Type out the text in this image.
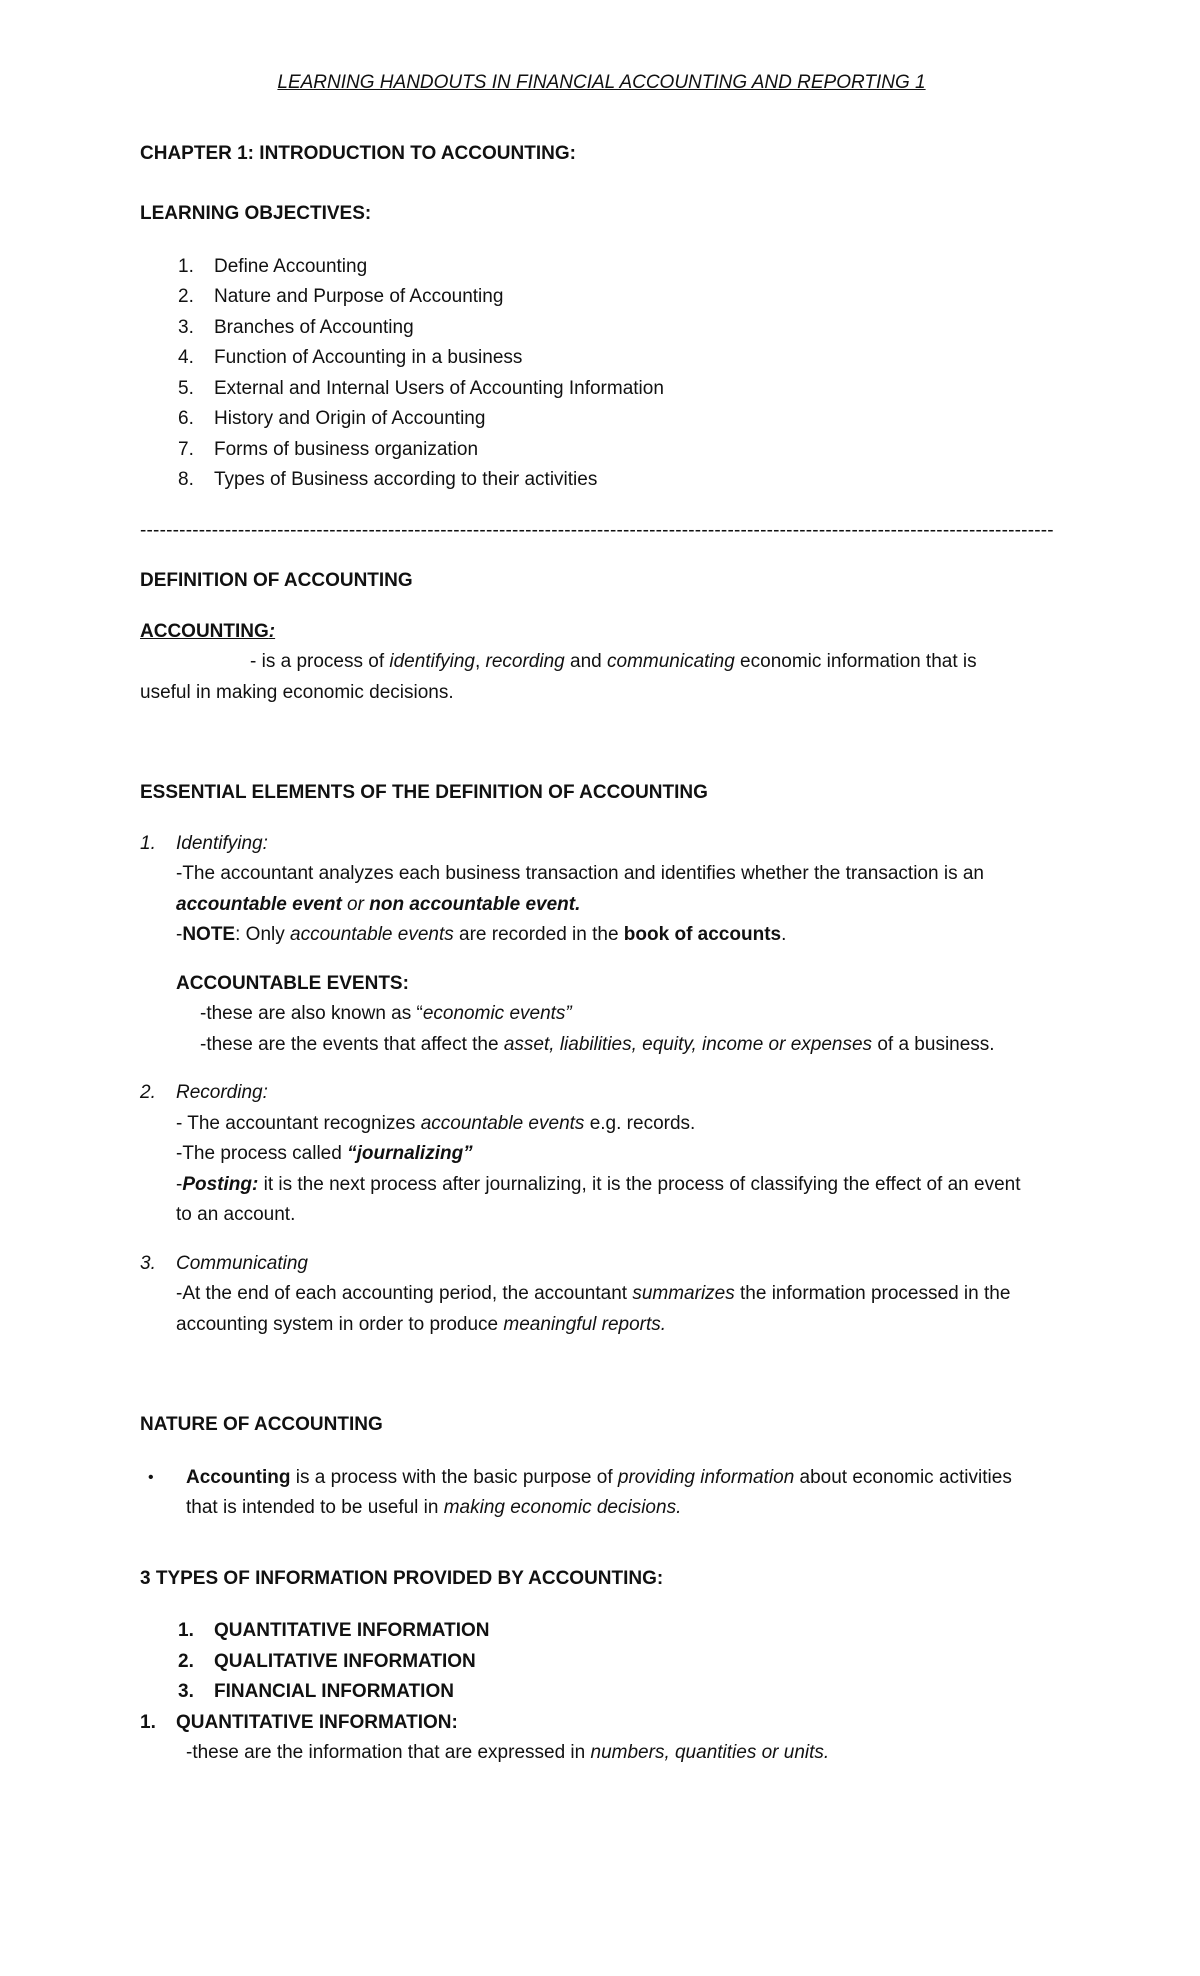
LEARNING HANDOUTS IN FINANCIAL ACCOUNTING AND REPORTING 1

CHAPTER 1: INTRODUCTION TO ACCOUNTING:

LEARNING OBJECTIVES:

1.	Define Accounting
2.	Nature and Purpose of Accounting
3.	Branches of Accounting
4.	Function of Accounting in a business
5.	External and Internal Users of Accounting Information
6.	History and Origin of Accounting
7.	Forms of business organization
8.	Types of Business according to their activities

--------------------------------------------------------------------------------------------------------------------------------------------

DEFINITION OF ACCOUNTING

ACCOUNTING:

- is a process of identifying, recording and communicating economic information that is

useful in making economic decisions.

ESSENTIAL ELEMENTS OF THE DEFINITION OF ACCOUNTING

1.	Identifying:

-The accountant analyzes each business transaction and identifies whether the transaction is an

accountable event or non accountable event.

-NOTE: Only accountable events are recorded in the book of accounts.

ACCOUNTABLE EVENTS:

-these are also known as “economic events”

-these are the events that affect the asset, liabilities, equity, income or expenses of a business.

2.	Recording:

- The accountant recognizes accountable events e.g. records.

-The process called “journalizing”

-Posting: it is the next process after journalizing, it is the process of classifying the effect of an event

to an account.

3.	Communicating

-At the end of each accounting period, the accountant summarizes the information processed in the

accounting system in order to produce meaningful reports.

NATURE OF ACCOUNTING

•	Accounting is a process with the basic purpose of providing information about economic activities

that is intended to be useful in making economic decisions.

3 TYPES OF INFORMATION PROVIDED BY ACCOUNTING:

1.	QUANTITATIVE INFORMATION
2.	QUALITATIVE INFORMATION
3.	FINANCIAL INFORMATION
1.	QUANTITATIVE INFORMATION:

-these are the information that are expressed in numbers, quantities or units.
